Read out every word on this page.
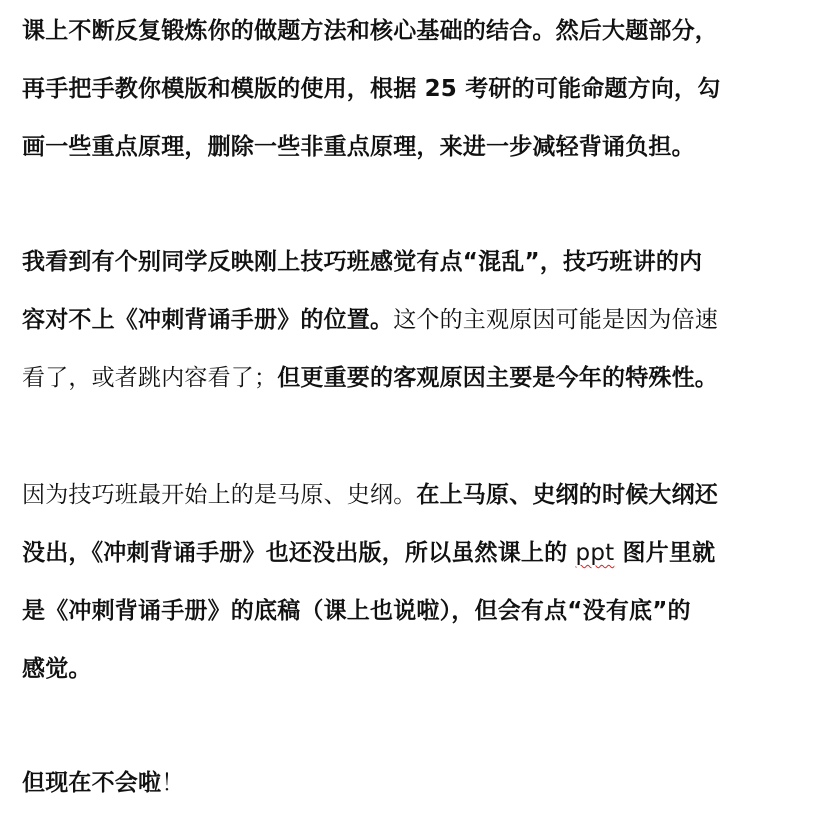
课上不断反复锻炼你的做题方法和核心基础的结合。然后大题部分，
再手把手教你模版和模版的使用，根据 25 考研的可能命题方向，勾
画一些重点原理，删除一些非重点原理，来进一步减轻背诵负担。
我看到有个别同学反映刚上技巧班感觉有点“混乱”，技巧班讲的内
容对不上《冲刺背诵手册》的位置。这个的主观原因可能是因为倍速
看了，或者跳内容看了；但更重要的客观原因主要是今年的特殊性。
因为技巧班最开始上的是马原、史纲。在上马原、史纲的时候大纲还
没出，《冲刺背诵手册》也还没出版，所以虽然课上的 ppt 图片里就
是《冲刺背诵手册》的底稿（课上也说啦），但会有点“没有底”的
感觉。
但现在不会啦！
